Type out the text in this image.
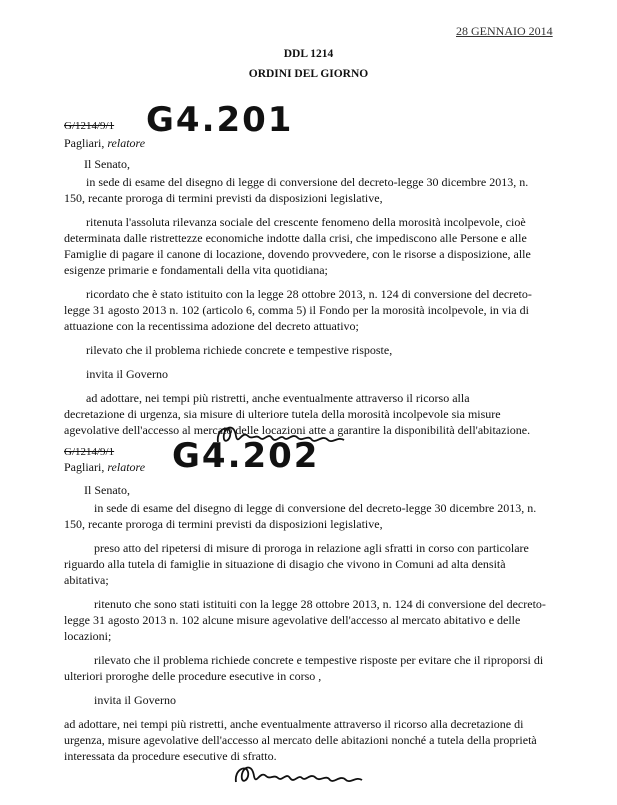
28 GENNAIO 2014
DDL 1214
ORDINI DEL GIORNO
G/1214/9/1 G4.201
Pagliari, relatore
Il Senato,
in sede di esame del disegno di legge di conversione del decreto-legge 30 dicembre 2013, n.
150, recante proroga di termini previsti da disposizioni legislative,
ritenuta l'assoluta rilevanza sociale del crescente fenomeno della morosità incolpevole, cioè
determinata dalle ristrettezze economiche indotte dalla crisi, che impediscono alle Persone e alle
Famiglie di pagare il canone di locazione, dovendo provvedere, con le risorse a disposizione, alle
esigenze primarie e fondamentali della vita quotidiana;
ricordato che è stato istituito con la legge 28 ottobre 2013, n. 124 di conversione del decreto-
legge 31 agosto 2013 n. 102 (articolo 6, comma 5) il Fondo per la morosità incolpevole, in via di
attuazione con la recentissima adozione del decreto attuativo;
rilevato che il problema richiede concrete e tempestive risposte,
invita il Governo
ad adottare, nei tempi più ristretti, anche eventualmente attraverso il ricorso alla
decretazione di urgenza, sia misure di ulteriore tutela della morosità incolpevole sia misure
agevolative dell'accesso al mercato delle locazioni atte a garantire la disponibilità dell'abitazione.
G/1214/9/1 G4.202
Pagliari, relatore
Il Senato,
in sede di esame del disegno di legge di conversione del decreto-legge 30 dicembre 2013, n.
150, recante proroga di termini previsti da disposizioni legislative,
preso atto del ripetersi di misure di proroga in relazione agli sfratti in corso con particolare
riguardo alla tutela di famiglie in situazione di disagio che vivono in Comuni ad alta densità
abitativa;
ritenuto che sono stati istituiti con la legge 28 ottobre 2013, n. 124 di conversione del decreto-
legge 31 agosto 2013 n. 102 alcune misure agevolative dell'accesso al mercato abitativo e delle
locazioni;
rilevato che il problema richiede concrete e tempestive risposte per evitare che il riproporsi di
ulteriori proroghe delle procedure esecutive in corso ,
invita il Governo
ad adottare, nei tempi più ristretti, anche eventualmente attraverso il ricorso alla decretazione di
urgenza, misure agevolative dell'accesso al mercato delle abitazioni nonché a tutela della proprietà
interessata da procedure esecutive di sfratto.
